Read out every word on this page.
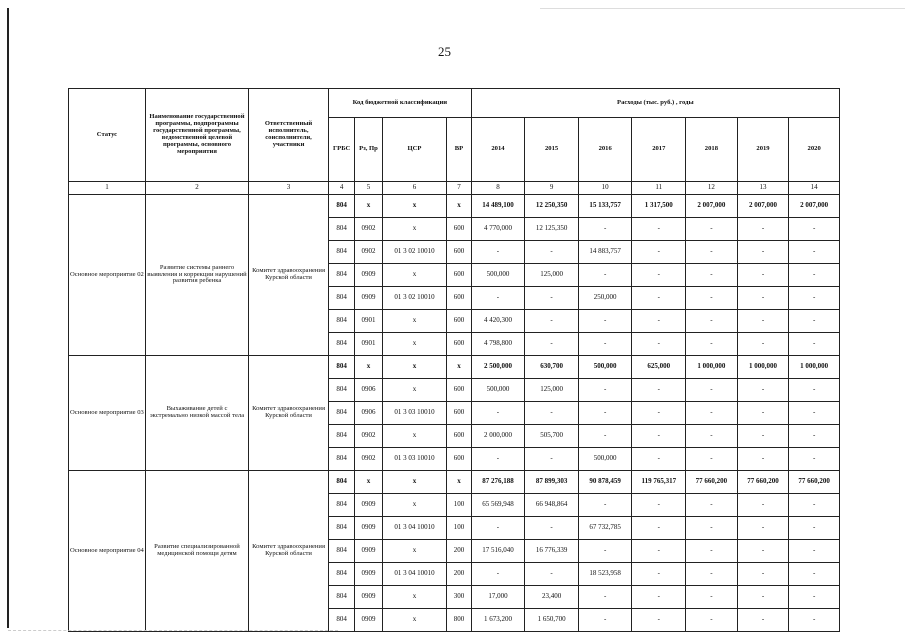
25
Статус	Наименование государственной программы, подпрограммы государственной программы, ведомственной целевой программы, основного мероприятия	Ответственный исполнитель, соисполнители, участники	Код бюджетной классификации				Расходы (тыс. руб.) , годы						
			ГРБС	Рз, Пр	ЦСР	ВР	2014	2015	2016	2017	2018	2019	2020
1	2	3	4	5	6	7	8	9	10	11	12	13	14
Основное мероприятие 02	Развитие системы раннего выявления и коррекции нарушений развития ребенка	Комитет здравоохранения Курской области	804	x	x	x	14 489,100	12 250,350	15 133,757	1 317,500	2 007,000	2 007,000	2 007,000
			804	0902	x	600	4 770,000	12 125,350	-	-	-	-	-
			804	0902	01 3 02 10010	600	-	-	14 883,757	-	-	-	-
			804	0909	x	600	500,000	125,000	-	-	-	-	-
			804	0909	01 3 02 10010	600	-	-	250,000	-	-	-	-
			804	0901	x	600	4 420,300	-	-	-	-	-	-
			804	0901	x	600	4 798,800	-	-	-	-	-	-
Основное мероприятие 03	Выхаживание детей с экстремально низкой массой тела	Комитет здравоохранения Курской области	804	x	x	x	2 500,000	630,700	500,000	625,000	1 000,000	1 000,000	1 000,000
			804	0906	x	600	500,000	125,000	-	-	-	-	-
			804	0906	01 3 03 10010	600	-	-	-	-	-	-	-
			804	0902	x	600	2 000,000	505,700	-	-	-	-	-
			804	0902	01 3 03 10010	600	-	-	500,000	-	-	-	-
Основное мероприятие 04	Развитие специализированной медицинской помощи детям	Комитет здравоохранения Курской области	804	x	x	x	87 276,188	87 899,303	90 878,459	119 765,317	77 660,200	77 660,200	77 660,200
			804	0909	x	100	65 569,948	66 948,864	-	-	-	-	-
			804	0909	01 3 04 10010	100	-	-	67 732,785	-	-	-	-
			804	0909	x	200	17 516,040	16 776,339	-	-	-	-	-
			804	0909	01 3 04 10010	200	-	-	18 523,958	-	-	-	-
			804	0909	x	300	17,000	23,400	-	-	-	-	-
			804	0909	x	800	1 673,200	1 650,700	-	-	-	-	-
